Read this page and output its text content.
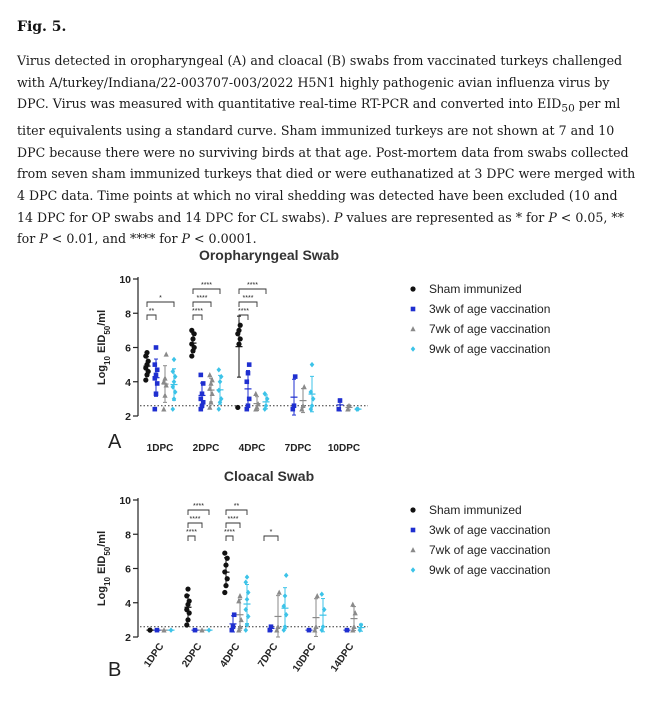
Fig. 5.
Virus detected in oropharyngeal (A) and cloacal (B) swabs from vaccinated turkeys challenged with A/turkey/Indiana/22-003707-003/2022 H5N1 highly pathogenic avian influenza virus by DPC. Virus was measured with quantitative real-time RT-PCR and converted into $EID_{50}$ per ml titer equivalents using a standard curve. Sham immunized turkeys are not shown at 7 and 10 DPC because there were no surviving birds at that age. Post-mortem data from swabs collected from seven sham immunized turkeys that died or were euthanatized at 3 DPC were merged with 4 DPC data. Time points at which no viral shedding was detected have been excluded (10 and 14 DPC for OP swabs and 14 DPC for CL swabs). P values are represented as * for P < 0.05, ** for P < 0.01, and **** for P < 0.0001.
Oropharyngeal Swab
A
2
4
6
8
10
Log$_{10}$ $EID_{50}/ml$
1DPC 2DPC 4DPC 7DPC 10DPC
**
*
****
****
****
****
****
****	Sham immunized
3wk of age vaccination
7wk of age vaccination
9wk of age vaccination
Cloacal Swab
B
2
4
6
8
10
Log$_{10}$ $EID_{50}/ml$
1DPC 2DPC 4DPC 7DPC 10DPC 14DPC
****
****
****
****
****
**
*
Sham immunized
3wk of age vaccination
7wk of age vaccination
9wk of age vaccination
